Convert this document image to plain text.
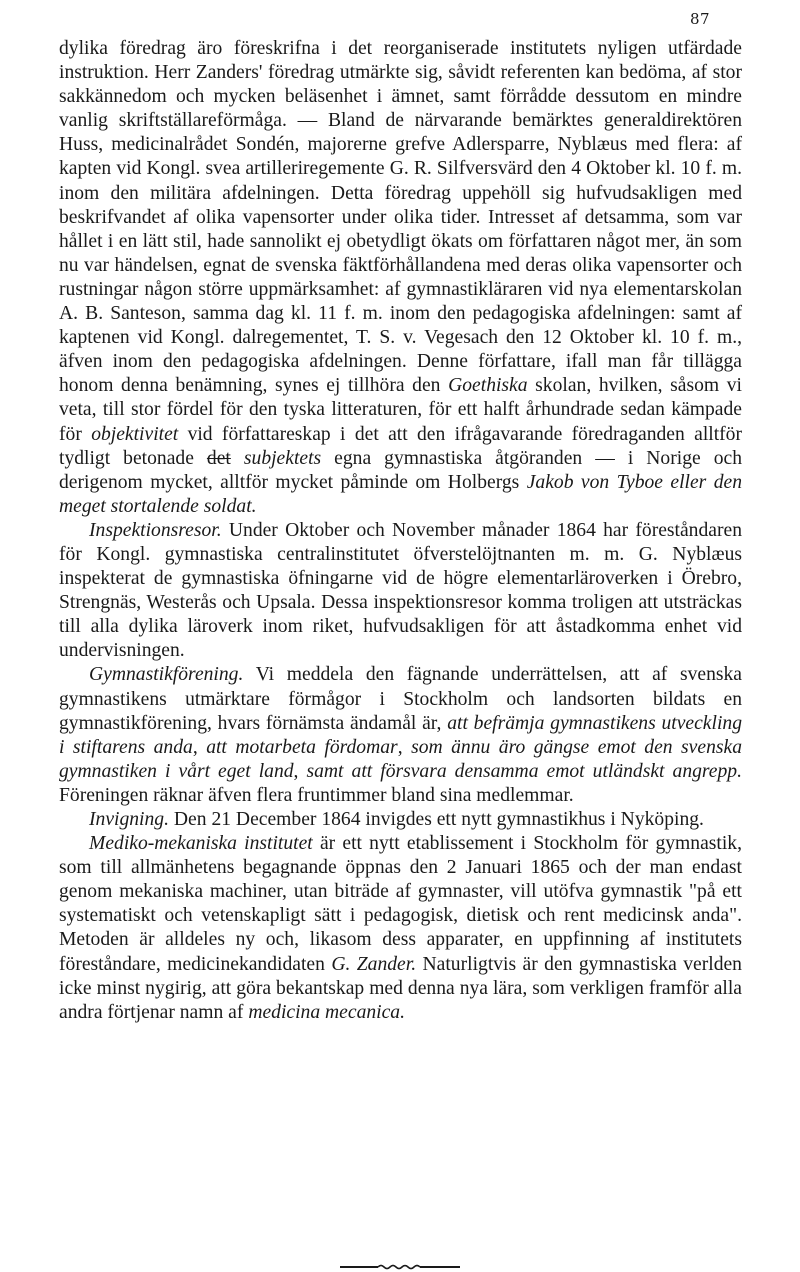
87

dylika föredrag äro föreskrifna i det reorganiserade institutets nyligen utfärdade instruktion. Herr Zanders' föredrag utmärkte sig, såvidt referenten kan bedöma, af stor sakkännedom och mycken beläsenhet i ämnet, samt förrådde dessutom en mindre vanlig skriftställareförmåga. — Bland de närvarande bemärktes generaldirektören Huss, medicinalrådet Sondén, majorerne grefve Adlersparre, Nyblæus med flera: af kapten vid Kongl. svea artilleriregemente G. R. Silfversvärd den 4 Oktober kl. 10 f. m. inom den militära afdelningen. Detta föredrag uppehöll sig hufvudsakligen med beskrifvandet af olika vapensorter under olika tider. Intresset af detsamma, som var hållet i en lätt stil, hade sannolikt ej obetydligt ökats om författaren något mer, än som nu var händelsen, egnat de svenska fäktförhållandena med deras olika vapensorter och rustningar någon större uppmärksamhet: af gymnastikläraren vid nya elementarskolan A. B. Santeson, samma dag kl. 11 f. m. inom den pedagogiska afdelningen: samt af kaptenen vid Kongl. dalregementet, T. S. v. Vegesach den 12 Oktober kl. 10 f. m., äfven inom den pedagogiska afdelningen. Denne författare, ifall man får tillägga honom denna benämning, synes ej tillhöra den Goethiska skolan, hvilken, såsom vi veta, till stor fördel för den tyska litteraturen, för ett halft århundrade sedan kämpade för objektivitet vid författareskap i det att den ifrågavarande föredraganden alltför tydligt betonade det subjektets egna gymnastiska åtgöranden — i Norige och derigenom mycket, alltför mycket påminde om Holbergs Jakob von Tyboe eller den meget stortalende soldat.

Inspektionsresor. Under Oktober och November månader 1864 har föreståndaren för Kongl. gymnastiska centralinstitutet öfverstelöjtnanten m. m. G. Nyblæus inspekterat de gymnastiska öfningarne vid de högre elementarläroverken i Örebro, Strengnäs, Westerås och Upsala. Dessa inspektionsresor komma troligen att utsträckas till alla dylika läroverk inom riket, hufvudsakligen för att åstadkomma enhet vid undervisningen.

Gymnastikförening. Vi meddela den fägnande underrättelsen, att af svenska gymnastikens utmärktare förmågor i Stockholm och landsorten bildats en gymnastikförening, hvars förnämsta ändamål är, att befrämja gymnastikens utveckling i stiftarens anda, att motarbeta fördomar, som ännu äro gängse emot den svenska gymnastiken i vårt eget land, samt att försvara densamma emot utländskt angrepp. Föreningen räknar äfven flera fruntimmer bland sina medlemmar.

Invigning. Den 21 December 1864 invigdes ett nytt gymnastikhus i Nyköping.

Mediko-mekaniska institutet är ett nytt etablissement i Stockholm för gymnastik, som till allmänhetens begagnande öppnas den 2 Januari 1865 och der man endast genom mekaniska machiner, utan biträde af gymnaster, vill utöfva gymnastik "på ett systematiskt och vetenskapligt sätt i pedagogisk, dietisk och rent medicinsk anda". Metoden är alldeles ny och, likasom dess apparater, en uppfinning af institutets föreståndare, medicinekandidaten G. Zander. Naturligtvis är den gymnastiska verlden icke minst nygirig, att göra bekantskap med denna nya lära, som verkligen framför alla andra förtjenar namn af medicina mecanica.
